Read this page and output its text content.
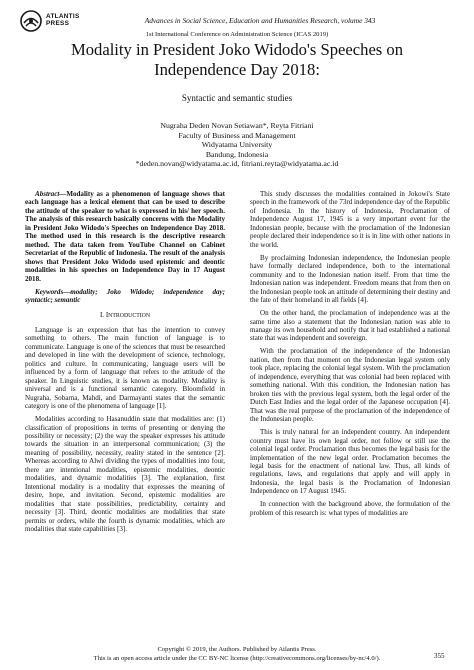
ATLANTIS
PRESS	Advances in Social Science, Education and Humanities Research, volume 343
1st International Conference on Administration Science (ICAS 2019)
Modality in President Joko Widodo's Speeches on
Independence Day 2018:
Syntactic and semantic studies
Nugraha Deden Novan Setiawan*, Reyta Fitriani
Faculty of Business and Management
Widyatama University
Bandung, Indonesia
*deden.novan@widyatama.ac.id, fitriani.reyta@widyatama.ac.id

Abstract—Modality as a phenomenon of language shows that each language has a lexical element that can be used to describe the attitude of the speaker to what is expressed in his/ her speech. The analysis of this research basically concerns with the Modality in President Joko Widodo's Speeches on Independence Day 2018. The method used in this research is the descriptive research method. The data taken from YouTube Channel on Cabinet Secretariat of the Republic of Indonesia. The result of the analysis shows that President Joko Widodo used epistemic and deontic modalities in his speeches on Independence Day in 17 August 2018.

Keywords—modality; Joko Widodo; independence day; syntactic; semantic

I. INTRODUCTION

Language is an expression that has the intention to convey something to others. The main function of language is to communicate. Language is one of the sciences that must be researched and developed in line with the development of science, technology, politics and culture. In communicating, language users will be influenced by a form of language that refers to the attitude of the speaker. In Linguistic studies, it is known as modality. Modality is universal and is a functional semantic category. Bloomfield in Nugraha, Sobarna, Mahdi, and Darmayanti states that the semantic category is one of the phenomena of language [1].

Modalities according to Hasanuddin state that modalities are: (1) classification of propositions in terms of presenting or denying the possibility or necessity; (2) the way the speaker expresses his attitude towards the situation in an interpersonal communication; (3) the meaning of possibility, necessity, reality stated in the sentence [2]. Whereas according to Alwi dividing the types of modalities into four, there are intentional modalities, epistemic modalities, deontic modalities, and dynamic modalities [3]. The explanation, first Intentional modality is a modality that expresses the meaning of desire, hope, and invitation. Second, epistemic modalities are modalities that state possibilities, predictability, certainty and necessity [3]. Third, deontic modalities are modalities that state permits or orders, while the fourth is dynamic modalities, which are modalities that state capabilities [3].

This study discusses the modalities contained in Jokowi's State speech in the framework of the 73rd independence day of the Republic of Indonesia. In the history of Indonesia, Proclamation of Independence August 17, 1945 is a very important event for the Indonesian people, because with the proclamation of the Indonesian people declared their independence so it is in line with other nations in the world.

By proclaiming Indonesian independence, the Indonesian people have formally declared independence, both to the international community and to the Indonesian nation itself. From that time the Indonesian nation was independent. Freedom means that from then on the Indonesian people took an attitude of determining their destiny and the fate of their homeland in all fields [4].

On the other hand, the proclamation of independence was at the same time also a statement that the Indonesian nation was able to manage its own household and notify that it had established a national state that was independent and sovereign.

With the proclamation of the independence of the Indonesian nation, then from that moment on the Indonesian legal system only took place, replacing the colonial legal system. With the proclamation of independence, everything that was colonial had been replaced with something national. With this condition, the Indonesian nation has broken ties with the previous legal system, both the legal order of the Dutch East Indies and the legal order of the Japanese occupation [4]. That was the real purpose of the proclamation of the independence of the Indonesian people.

This is truly natural for an independent country. An independent country must have its own legal order, not follow or still use the colonial legal order. Proclamation thus becomes the legal basis for the implementation of the new legal order. Proclamation becomes the legal basis for the enactment of national law. Thus, all kinds of regulations, laws, and regulations that apply and will apply in Indonesia, the legal basis is the Proclamation of Indonesian Independence on 17 August 1945.

In connection with the background above, the formulation of the problem of this research is: what types of modalities are

Copyright © 2019, the Authors. Published by Atlantis Press.
This is an open access article under the CC BY-NC license (http://creativecommons.org/licenses/by-nc/4.0/).	355
